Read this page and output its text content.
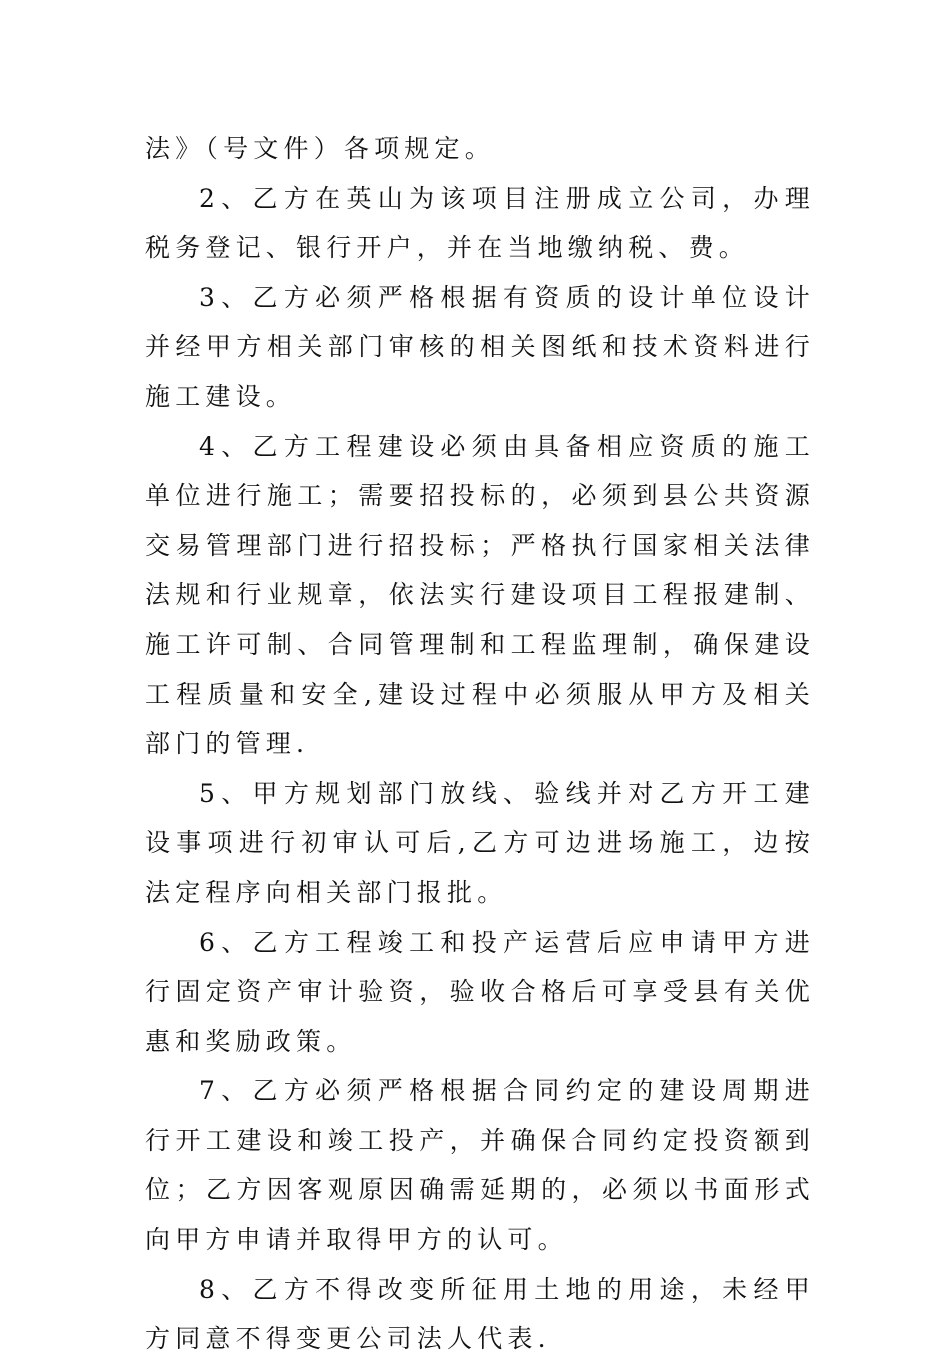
法》（号文件）各项规定。

2、乙方在英山为该项目注册成立公司，办理税务登记、银行开户，并在当地缴纳税、费。

3、乙方必须严格根据有资质的设计单位设计并经甲方相关部门审核的相关图纸和技术资料进行施工建设。

4、乙方工程建设必须由具备相应资质的施工单位进行施工；需要招投标的，必须到县公共资源交易管理部门进行招投标；严格执行国家相关法律法规和行业规章，依法实行建设项目工程报建制、施工许可制、合同管理制和工程监理制，确保建设工程质量和安全,建设过程中必须服从甲方及相关部门的管理.

5、甲方规划部门放线、验线并对乙方开工建设事项进行初审认可后,乙方可边进场施工，边按法定程序向相关部门报批。

6、乙方工程竣工和投产运营后应申请甲方进行固定资产审计验资，验收合格后可享受县有关优惠和奖励政策。

7、乙方必须严格根据合同约定的建设周期进行开工建设和竣工投产，并确保合同约定投资额到位；乙方因客观原因确需延期的，必须以书面形式向甲方申请并取得甲方的认可。

8、乙方不得改变所征用土地的用途，未经甲方同意不得变更公司法人代表.
